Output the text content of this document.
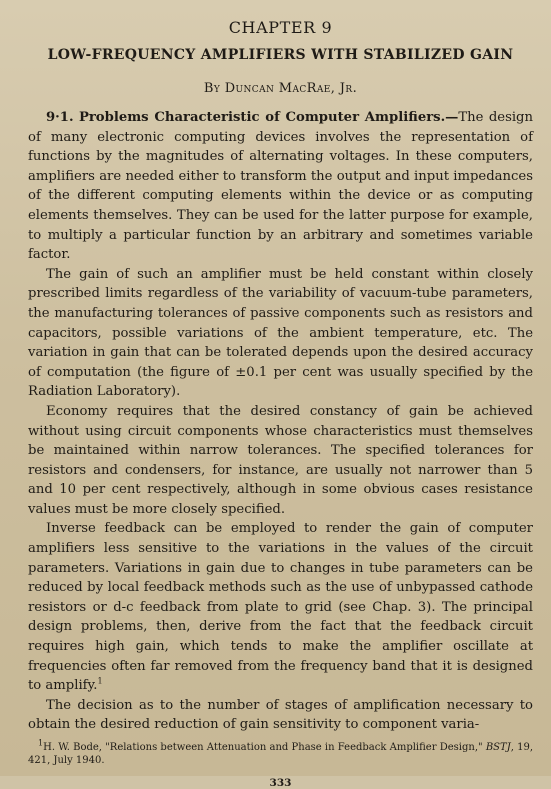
CHAPTER 9
LOW-FREQUENCY AMPLIFIERS WITH STABILIZED GAIN
By Duncan MacRae, Jr.

9·1. Problems Characteristic of Computer Amplifiers.—The design of many electronic computing devices involves the representation of functions by the magnitudes of alternating voltages. In these computers, amplifiers are needed either to transform the output and input impedances of the different computing elements within the device or as computing elements themselves. They can be used for the latter purpose for example, to multiply a particular function by an arbitrary and sometimes variable factor.

The gain of such an amplifier must be held constant within closely prescribed limits regardless of the variability of vacuum-tube parameters, the manufacturing tolerances of passive components such as resistors and capacitors, possible variations of the ambient temperature, etc. The variation in gain that can be tolerated depends upon the desired accuracy of computation (the figure of ±0.1 per cent was usually specified by the Radiation Laboratory).

Economy requires that the desired constancy of gain be achieved without using circuit components whose characteristics must themselves be maintained within narrow tolerances. The specified tolerances for resistors and condensers, for instance, are usually not narrower than 5 and 10 per cent respectively, although in some obvious cases resistance values must be more closely specified.

Inverse feedback can be employed to render the gain of computer amplifiers less sensitive to the variations in the values of the circuit parameters. Variations in gain due to changes in tube parameters can be reduced by local feedback methods such as the use of unbypassed cathode resistors or d-c feedback from plate to grid (see Chap. 3). The principal design problems, then, derive from the fact that the feedback circuit requires high gain, which tends to make the amplifier oscillate at frequencies often far removed from the frequency band that it is designed to amplify.$^1$

The decision as to the number of stages of amplification necessary to obtain the desired reduction of gain sensitivity to component varia-

$^1$H. W. Bode, "Relations between Attenuation and Phase in Feedback Amplifier Design," BSTJ, 19, 421, July 1940.
333
